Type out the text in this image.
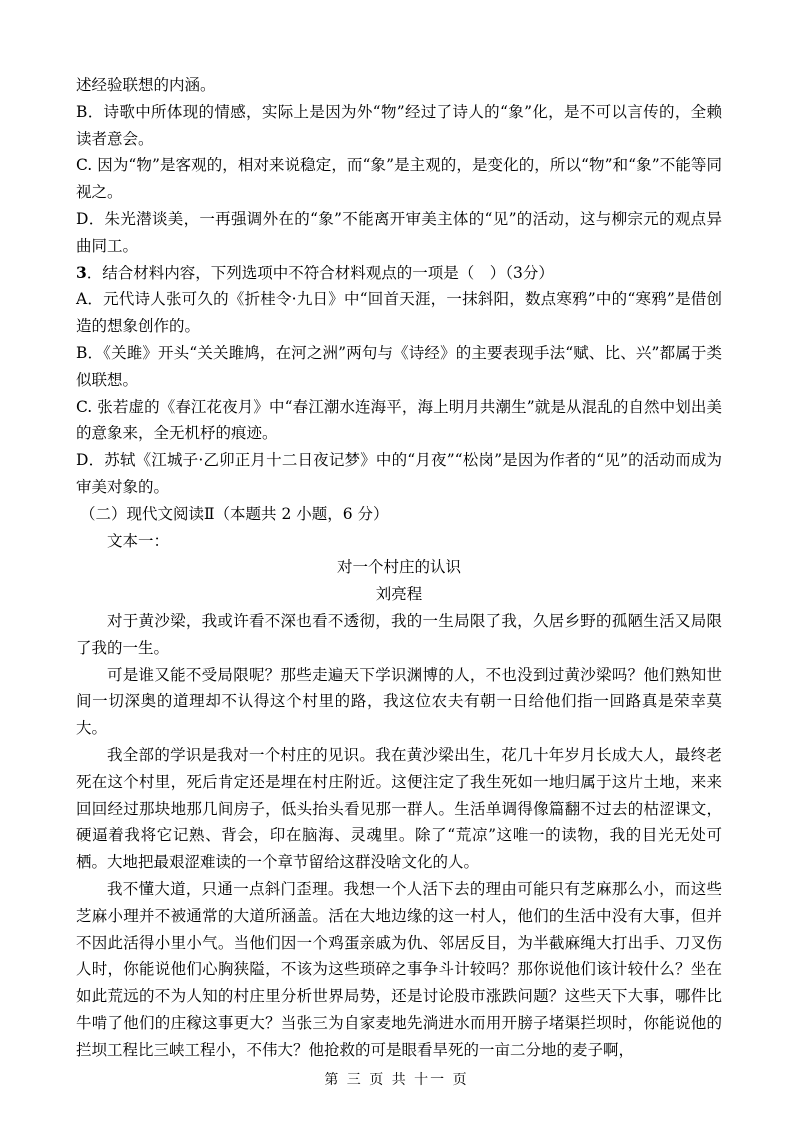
述经验联想的内涵。

B．诗歌中所体现的情感，实际上是因为外“物”经过了诗人的“象”化，是不可以言传的，全赖读者意会。

C. 因为“物”是客观的，相对来说稳定，而“象”是主观的，是变化的，所以“物”和“象”不能等同视之。

D．朱光潜谈美，一再强调外在的“象”不能离开审美主体的“见”的活动，这与柳宗元的观点异曲同工。

3．结合材料内容，下列选项中不符合材料观点的一项是（　）（3分）

A．元代诗人张可久的《折桂令·九日》中“回首天涯，一抹斜阳，数点寒鸦”中的“寒鸦”是借创造的想象创作的。

B．《关雎》开头“关关雎鸠，在河之洲”两句与《诗经》的主要表现手法“赋、比、兴”都属于类似联想。

C. 张若虚的《春江花夜月》中“春江潮水连海平，海上明月共潮生”就是从混乱的自然中划出美的意象来，全无机杼的痕迹。

D．苏轼《江城子·乙卯正月十二日夜记梦》中的“月夜”“松岗”是因为作者的“见”的活动而成为审美对象的。

（二）现代文阅读Ⅱ（本题共 2 小题，6 分）

文本一：

对一个村庄的认识

刘亮程

对于黄沙梁，我或许看不深也看不透彻，我的一生局限了我，久居乡野的孤陋生活又局限了我的一生。

可是谁又能不受局限呢？那些走遍天下学识渊博的人，不也没到过黄沙梁吗？他们熟知世间一切深奥的道理却不认得这个村里的路，我这位农夫有朝一日给他们指一回路真是荣幸莫大。

我全部的学识是我对一个村庄的见识。我在黄沙梁出生，花几十年岁月长成大人，最终老死在这个村里，死后肯定还是埋在村庄附近。这便注定了我生死如一地归属于这片土地，来来回回经过那块地那几间房子，低头抬头看见那一群人。生活单调得像篇翻不过去的枯涩课文，硬逼着我将它记熟、背会，印在脑海、灵魂里。除了“荒凉”这唯一的读物，我的目光无处可栖。大地把最艰涩难读的一个章节留给这群没啥文化的人。

我不懂大道，只通一点斜门歪理。我想一个人活下去的理由可能只有芝麻那么小，而这些芝麻小理并不被通常的大道所涵盖。活在大地边缘的这一村人，他们的生活中没有大事，但并不因此活得小里小气。当他们因一个鸡蛋亲戚为仇、邻居反目，为半截麻绳大打出手、刀叉伤人时，你能说他们心胸狭隘，不该为这些琐碎之事争斗计较吗？那你说他们该计较什么？坐在如此荒远的不为人知的村庄里分析世界局势，还是讨论股市涨跌问题？这些天下大事，哪件比牛啃了他们的庄稼这事更大？当张三为自家麦地先淌进水而用开膀子堵渠拦坝时，你能说他的拦坝工程比三峡工程小，不伟大？他抢救的可是眼看旱死的一亩二分地的麦子啊，

第 三 页 共 十一 页
